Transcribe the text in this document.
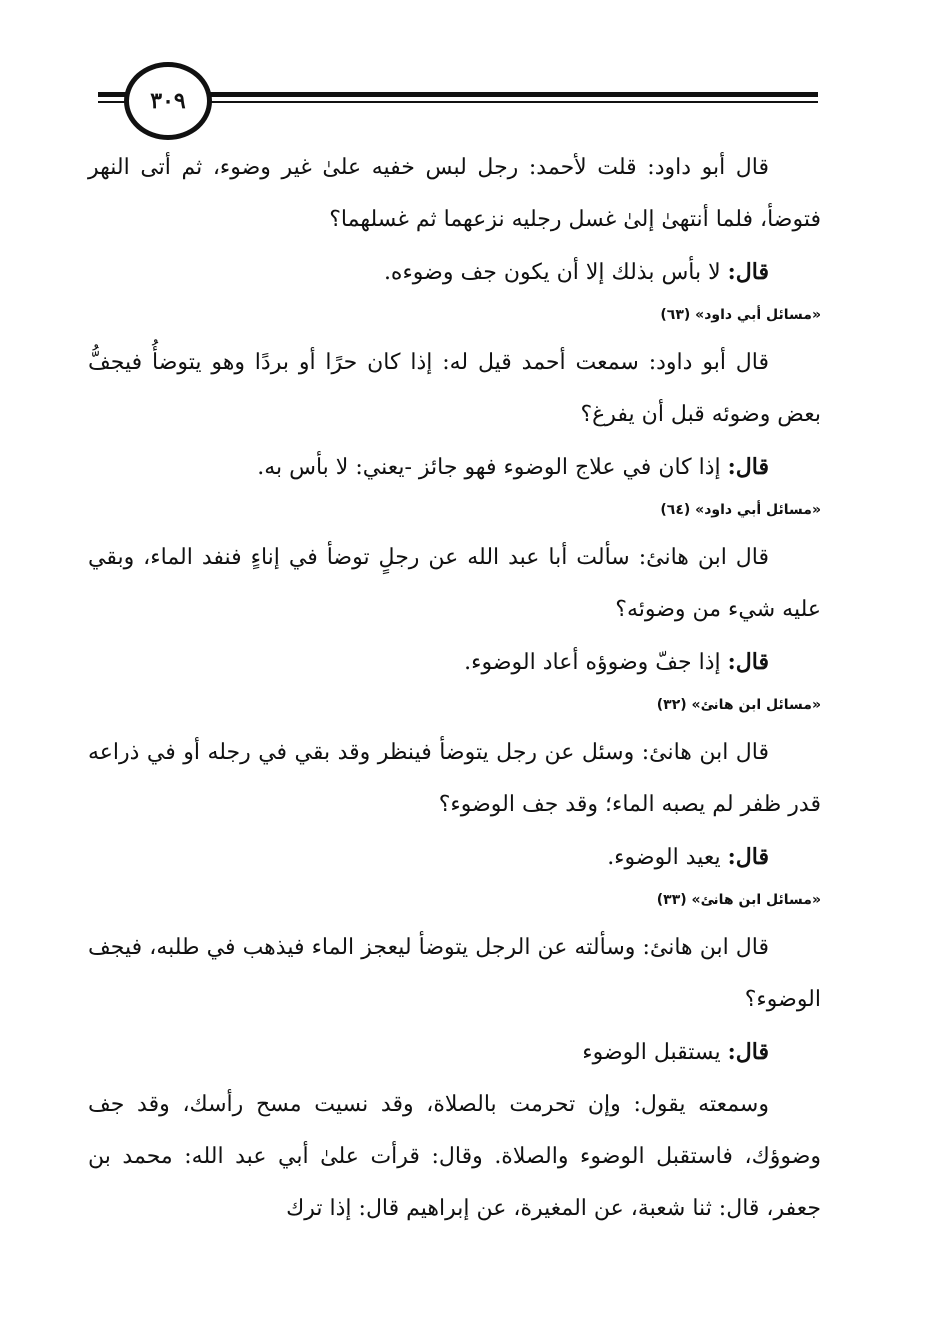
٣٠٩

قال أبو داود: قلت لأحمد: رجل لبس خفيه علىٰ غير وضوء، ثم أتى النهر فتوضأ، فلما أنتهىٰ إلىٰ غسل رجليه نزعهما ثم غسلهما؟

قال: لا بأس بذلك إلا أن يكون جف وضوءه.

«مسائل أبي داود» (٦٣)

قال أبو داود: سمعت أحمد قيل له: إذا كان حرًا أو بردًا وهو يتوضأُ فيجفُّ بعض وضوئه قبل أن يفرغ؟

قال: إذا كان في علاج الوضوء فهو جائز -يعني: لا بأس به.

«مسائل أبي داود» (٦٤)

قال ابن هانئ: سألت أبا عبد الله عن رجلٍ توضأ في إناءٍ فنفد الماء، وبقي عليه شيء من وضوئه؟

قال: إذا جفّ وضوؤه أعاد الوضوء.

«مسائل ابن هانئ» (٣٢)

قال ابن هانئ: وسئل عن رجل يتوضأ فينظر وقد بقي في رجله أو في ذراعه قدر ظفر لم يصبه الماء؛ وقد جف الوضوء؟

قال: يعيد الوضوء.

«مسائل ابن هانئ» (٣٣)

قال ابن هانئ: وسألته عن الرجل يتوضأ ليعجز الماء فيذهب في طلبه، فيجف الوضوء؟

قال: يستقبل الوضوء

وسمعته يقول: وإن تحرمت بالصلاة، وقد نسيت مسح رأسك، وقد جف وضوؤك، فاستقبل الوضوء والصلاة. وقال: قرأت علىٰ أبي عبد الله: محمد بن جعفر، قال: ثنا شعبة، عن المغيرة، عن إبراهيم قال: إذا ترك
